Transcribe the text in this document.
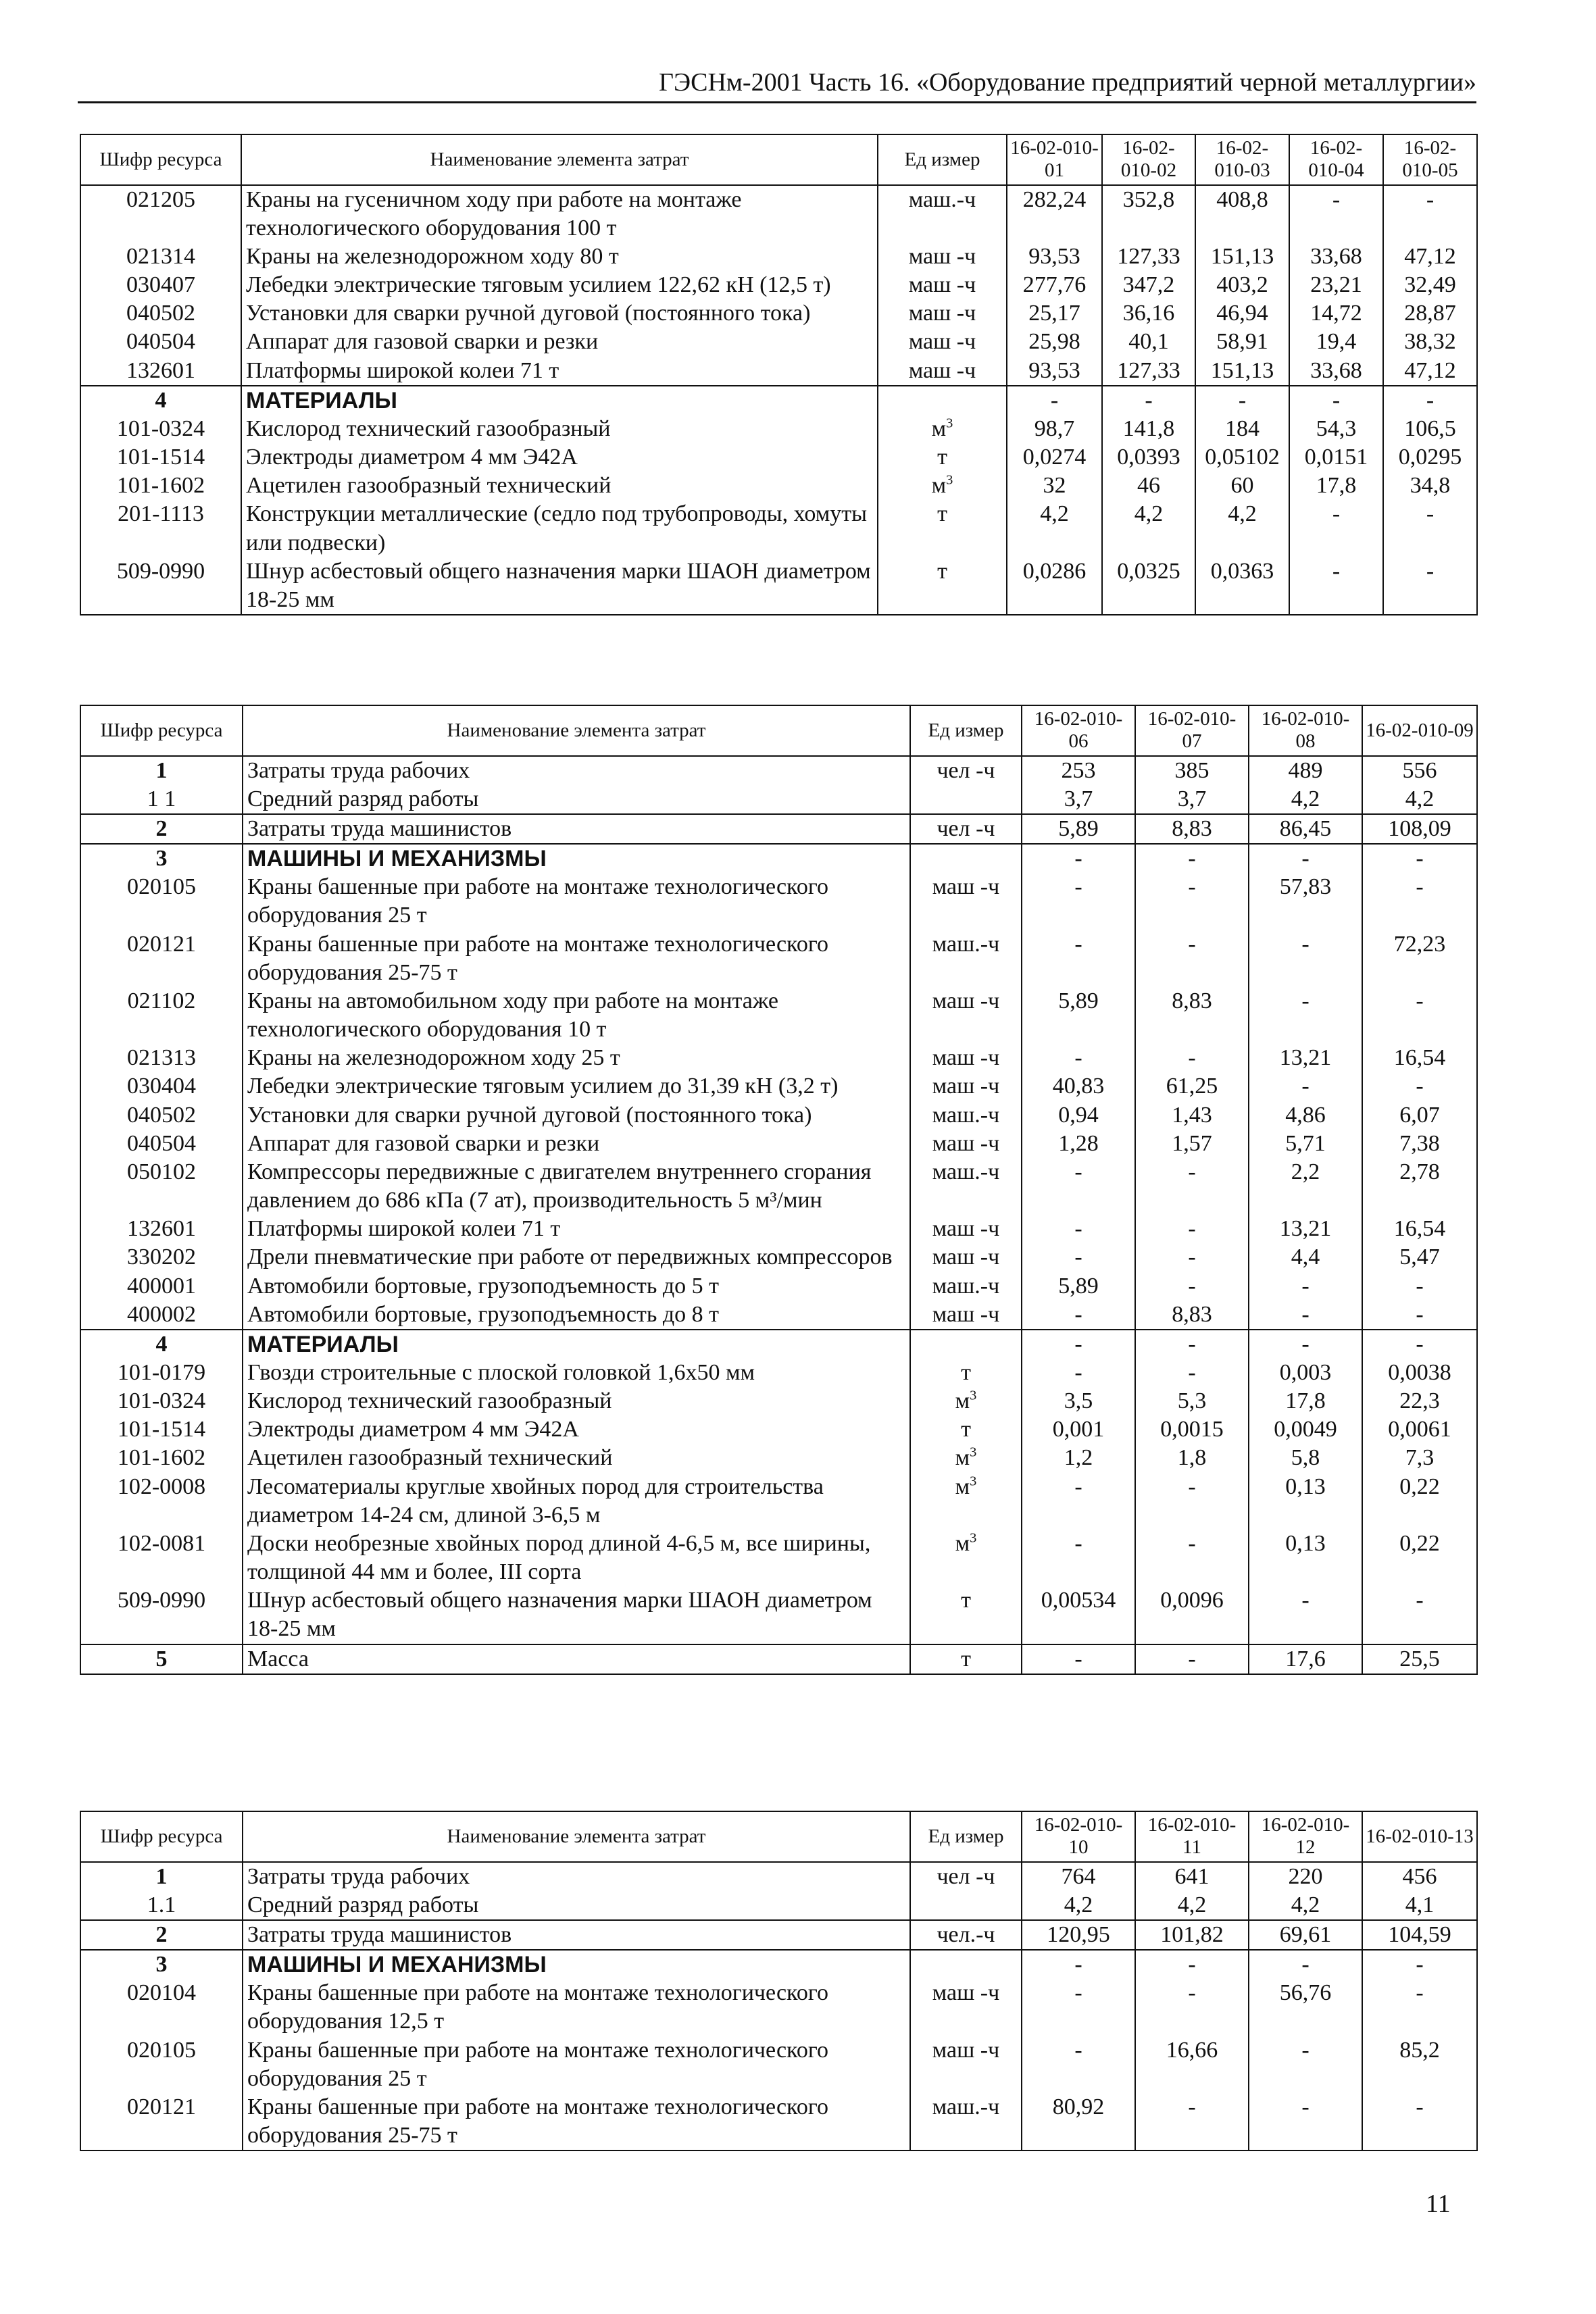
ГЭСНм-2001 Часть 16. «Оборудование предприятий черной металлургии»
Шифр ресурса	Наименование элемента затрат	Ед измер	16-02-010-01	16-02-010-02	16-02-010-03	16-02-010-04	16-02-010-05
021205	Краны на гусеничном ходу при работе на монтаже технологического оборудования 100 т	маш.-ч	282,24	352,8	408,8	-	-
021314	Краны на железнодорожном ходу 80 т	маш -ч	93,53	127,33	151,13	33,68	47,12
030407	Лебедки электрические тяговым усилием 122,62 кН (12,5 т)	маш -ч	277,76	347,2	403,2	23,21	32,49
040502	Установки для сварки ручной дуговой (постоянного тока)	маш -ч	25,17	36,16	46,94	14,72	28,87
040504	Аппарат для газовой сварки и резки	маш -ч	25,98	40,1	58,91	19,4	38,32
132601	Платформы широкой колеи 71 т	маш -ч	93,53	127,33	151,13	33,68	47,12
4	МАТЕРИАЛЫ		-	-	-	-	-
101-0324	Кислород технический газообразный	$м^3$	98,7	141,8	184	54,3	106,5
101-1514	Электроды диаметром 4 мм Э42А	т	0,0274	0,0393	0,05102	0,0151	0,0295
101-1602	Ацетилен газообразный технический	$м^3$	32	46	60	17,8	34,8
201-1113	Конструкции металлические (седло под трубопроводы, хомуты или подвески)	т	4,2	4,2	4,2	-	-
509-0990	Шнур асбестовый общего назначения марки ШАОН диаметром 18-25 мм	т	0,0286	0,0325	0,0363	-	-
Шифр ресурса	Наименование элемента затрат	Ед измер	16-02-010-06	16-02-010-07	16-02-010-08	16-02-010-09
1	Затраты труда рабочих	чел -ч	253	385	489	556
1 1	Средний разряд работы		3,7	3,7	4,2	4,2
2	Затраты труда машинистов	чел -ч	5,89	8,83	86,45	108,09
3	МАШИНЫ И МЕХАНИЗМЫ		-	-	-	-
020105	Краны башенные при работе на монтаже технологического оборудования 25 т	маш -ч	-	-	57,83	-
020121	Краны башенные при работе на монтаже технологического оборудования 25-75 т	маш.-ч	-	-	-	72,23
021102	Краны на автомобильном ходу при работе на монтаже технологического оборудования 10 т	маш -ч	5,89	8,83	-	-
021313	Краны на железнодорожном ходу 25 т	маш -ч	-	-	13,21	16,54
030404	Лебедки электрические тяговым усилием до 31,39 кН (3,2 т)	маш -ч	40,83	61,25	-	-
040502	Установки для сварки ручной дуговой (постоянного тока)	маш.-ч	0,94	1,43	4,86	6,07
040504	Аппарат для газовой сварки и резки	маш -ч	1,28	1,57	5,71	7,38
050102	Компрессоры передвижные с двигателем внутреннего сгорания давлением до 686 кПа (7 ат), производительность 5 м³/мин	маш.-ч	-	-	2,2	2,78
132601	Платформы широкой колеи 71 т	маш -ч	-	-	13,21	16,54
330202	Дрели пневматические при работе от передвижных компрессоров	маш -ч	-	-	4,4	5,47
400001	Автомобили бортовые, грузоподъемность до 5 т	маш.-ч	5,89	-	-	-
400002	Автомобили бортовые, грузоподъемность до 8 т	маш -ч	-	8,83	-	-
4	МАТЕРИАЛЫ		-	-	-	-
101-0179	Гвозди строительные с плоской головкой 1,6х50 мм	т	-	-	0,003	0,0038
101-0324	Кислород технический газообразный	$м^3$	3,5	5,3	17,8	22,3
101-1514	Электроды диаметром 4 мм Э42А	т	0,001	0,0015	0,0049	0,0061
101-1602	Ацетилен газообразный технический	$м^3$	1,2	1,8	5,8	7,3
102-0008	Лесоматериалы круглые хвойных пород для строительства диаметром 14-24 см, длиной 3-6,5 м	$м^3$	-	-	0,13	0,22
102-0081	Доски необрезные хвойных пород длиной 4-6,5 м, все ширины, толщиной 44 мм и более, III сорта	$м^3$	-	-	0,13	0,22
509-0990	Шнур асбестовый общего назначения марки ШАОН диаметром 18-25 мм	т	0,00534	0,0096	-	-
5	Масса	т	-	-	17,6	25,5
Шифр ресурса	Наименование элемента затрат	Ед измер	16-02-010-10	16-02-010-11	16-02-010-12	16-02-010-13
1	Затраты труда рабочих	чел -ч	764	641	220	456
1.1	Средний разряд работы		4,2	4,2	4,2	4,1
2	Затраты труда машинистов	чел.-ч	120,95	101,82	69,61	104,59
3	МАШИНЫ И МЕХАНИЗМЫ		-	-	-	-
020104	Краны башенные при работе на монтаже технологического оборудования 12,5 т	маш -ч	-	-	56,76	-
020105	Краны башенные при работе на монтаже технологического оборудования 25 т	маш -ч	-	16,66	-	85,2
020121	Краны башенные при работе на монтаже технологического оборудования 25-75 т	маш.-ч	80,92	-	-	-
11
